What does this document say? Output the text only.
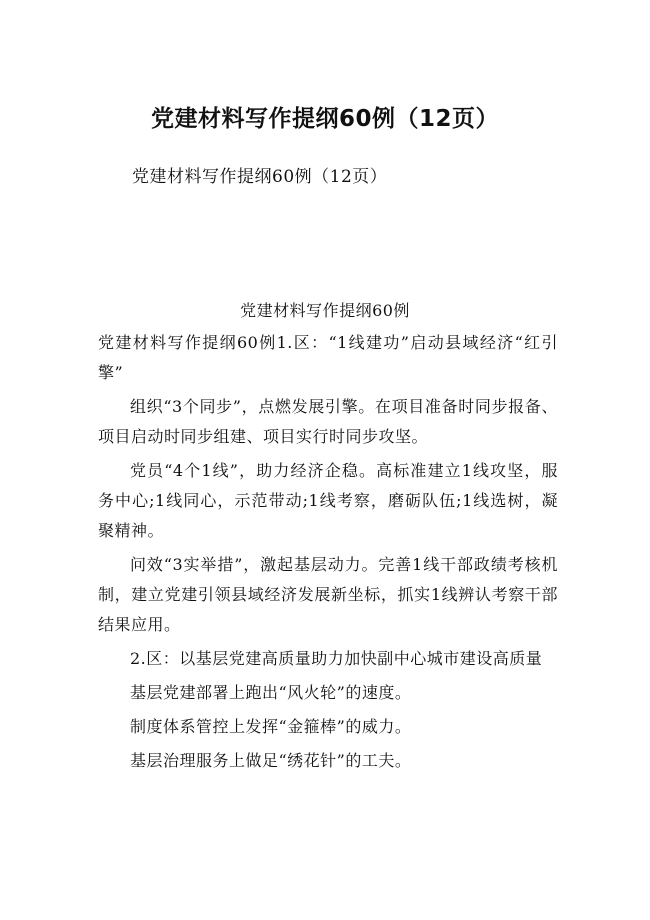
党建材料写作提纲60例（12页）
党建材料写作提纲60例（12页）
党建材料写作提纲60例

党建材料写作提纲60例1.区：“1线建功”启动县域经济“红引擎”

组织“3个同步”，点燃发展引擎。在项目准备时同步报备、项目启动时同步组建、项目实行时同步攻坚。

党员“4个1线”，助力经济企稳。高标准建立1线攻坚，服务中心;1线同心，示范带动;1线考察，磨砺队伍;1线选树，凝聚精神。

问效“3实举措”，激起基层动力。完善1线干部政绩考核机制，建立党建引领县域经济发展新坐标，抓实1线辨认考察干部结果应用。

2.区：以基层党建高质量助力加快副中心城市建设高质量

基层党建部署上跑出“风火轮”的速度。

制度体系管控上发挥“金箍棒”的威力。

基层治理服务上做足“绣花针”的工夫。
